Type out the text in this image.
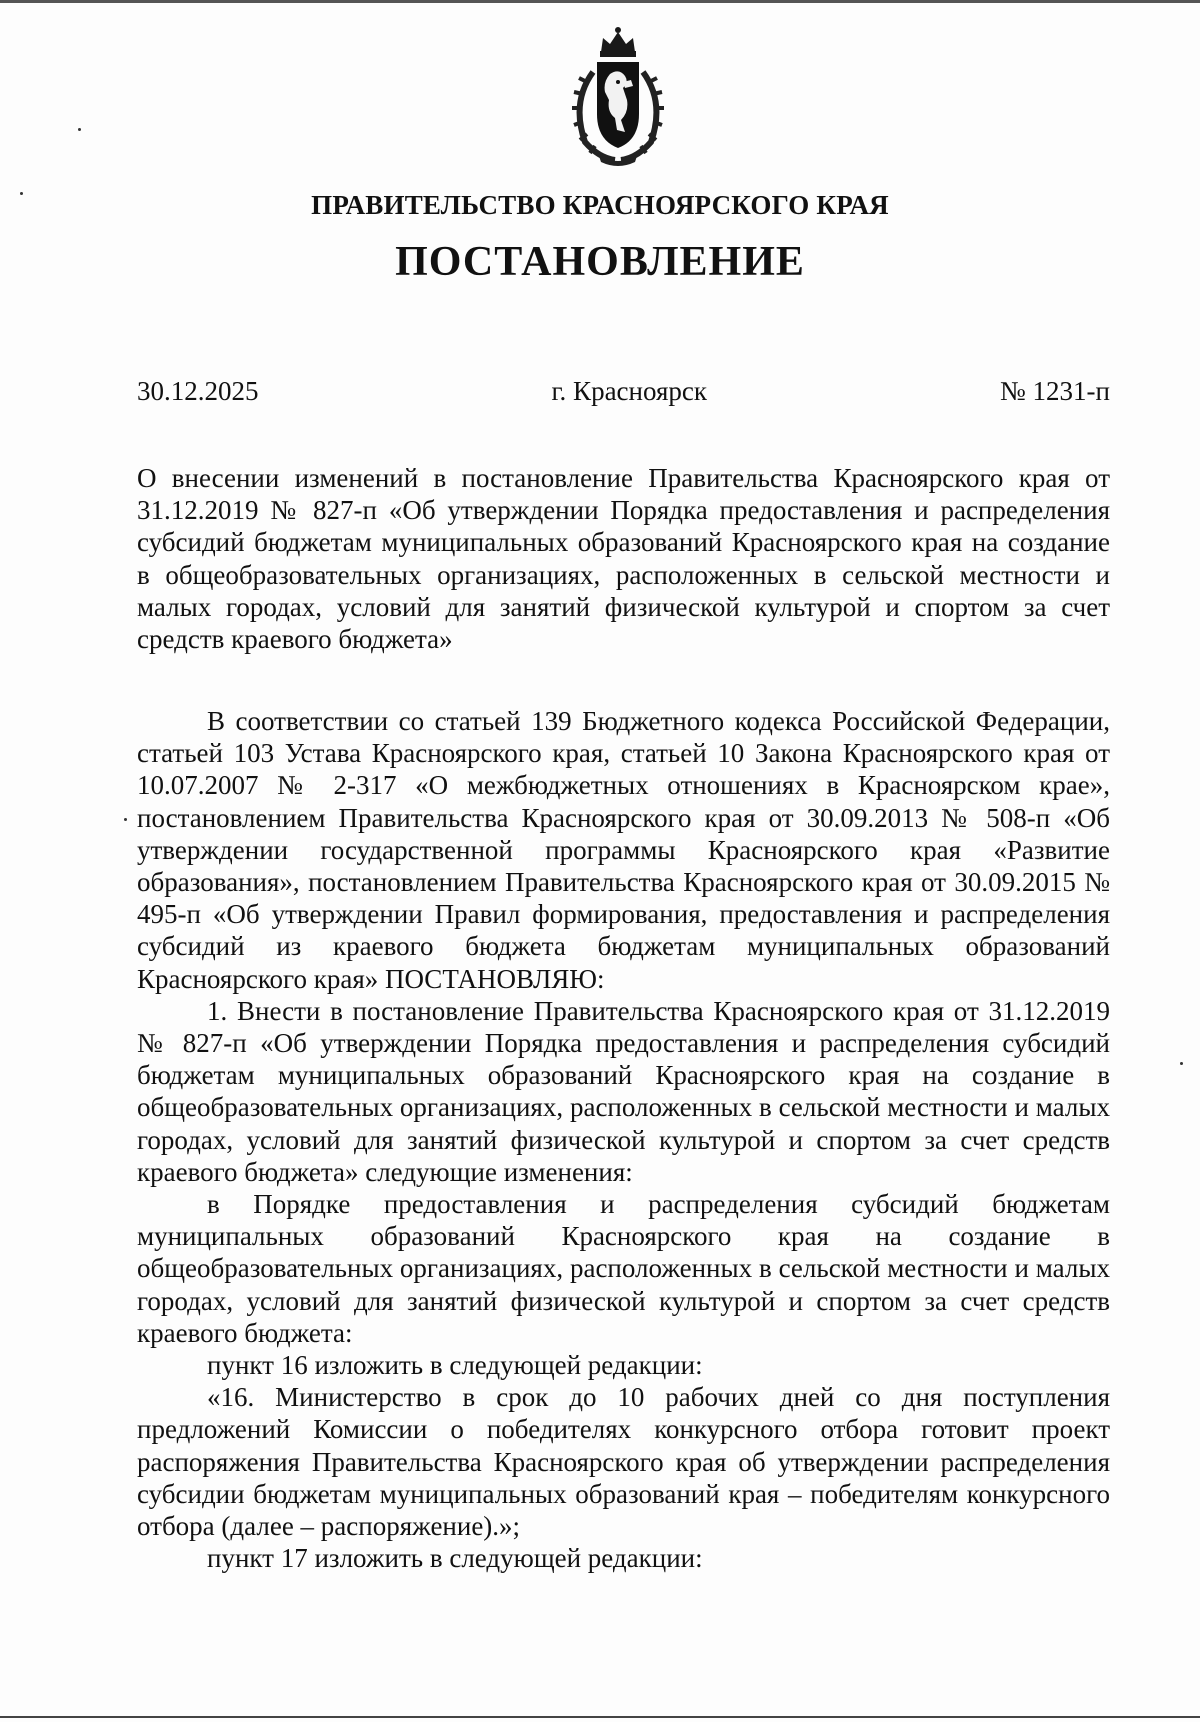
ПРАВИТЕЛЬСТВО КРАСНОЯРСКОГО КРАЯ
ПОСТАНОВЛЕНИЕ
30.12.2025	г. Красноярск	№ 1231-п
О внесении изменений в постановление Правительства Красноярского края от 31.12.2019 № 827-п «Об утверждении Порядка предоставления и распределения субсидий бюджетам муниципальных образований Красноярского края на создание в общеобразовательных организациях, расположенных в сельской местности и малых городах, условий для занятий физической культурой и спортом за счет средств краевого бюджета»

В соответствии со статьей 139 Бюджетного кодекса Российской Федерации, статьей 103 Устава Красноярского края, статьей 10 Закона Красноярского края от 10.07.2007 № 2-317 «О межбюджетных отношениях в Красноярском крае», постановлением Правительства Красноярского края от 30.09.2013 № 508-п «Об утверждении государственной программы Красноярского края «Развитие образования», постановлением Правительства Красноярского края от 30.09.2015 № 495-п «Об утверждении Правил формирования, предоставления и распределения субсидий из краевого бюджета бюджетам муниципальных образований Красноярского края» ПОСТАНОВЛЯЮ:

1. Внести в постановление Правительства Красноярского края от 31.12.2019 № 827-п «Об утверждении Порядка предоставления и распределения субсидий бюджетам муниципальных образований Красноярского края на создание в общеобразовательных организациях, расположенных в сельской местности и малых городах, условий для занятий физической культурой и спортом за счет средств краевого бюджета» следующие изменения:

в Порядке предоставления и распределения субсидий бюджетам муниципальных образований Красноярского края на создание в общеобразовательных организациях, расположенных в сельской местности и малых городах, условий для занятий физической культурой и спортом за счет средств краевого бюджета:

пункт 16 изложить в следующей редакции:

«16. Министерство в срок до 10 рабочих дней со дня поступления предложений Комиссии о победителях конкурсного отбора готовит проект распоряжения Правительства Красноярского края об утверждении распределения субсидии бюджетам муниципальных образований края – победителям конкурсного отбора (далее – распоряжение).»;

пункт 17 изложить в следующей редакции:
